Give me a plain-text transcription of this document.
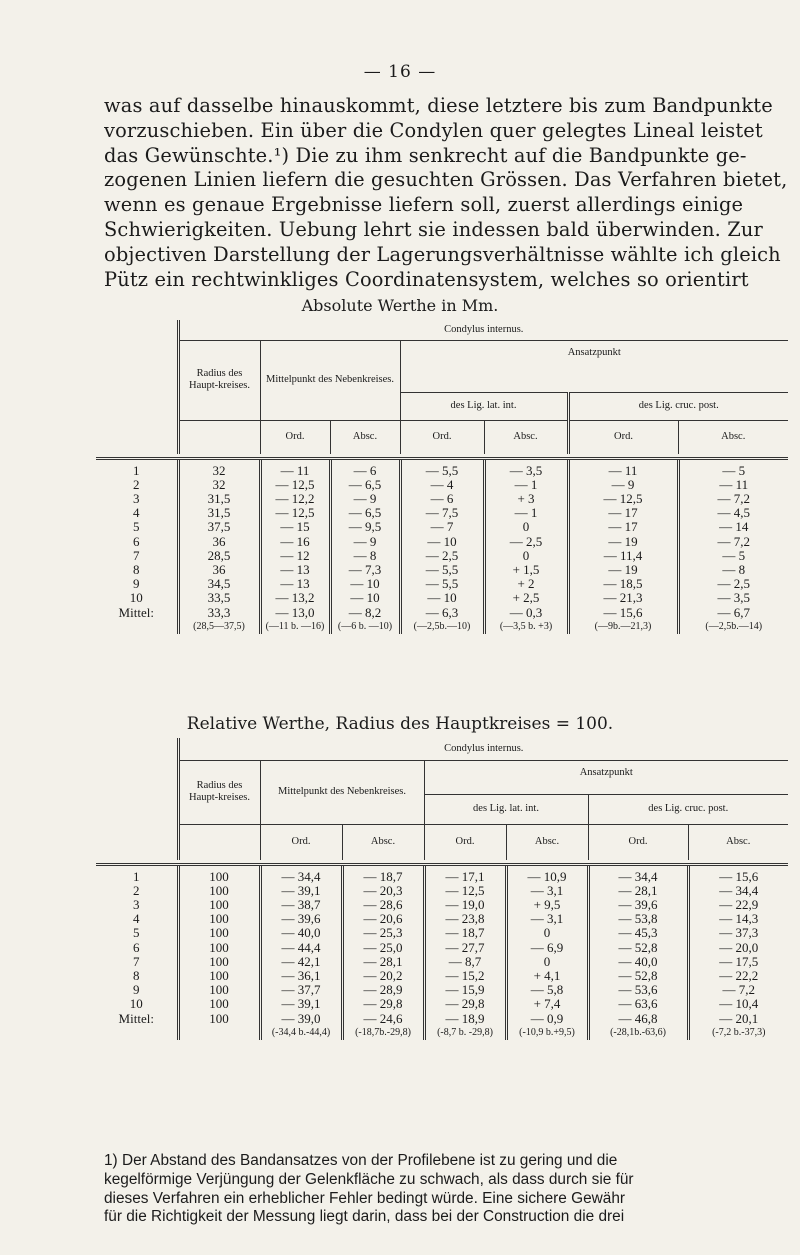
— 16 —
was auf dasselbe hinauskommt, diese letztere bis zum Bandpunkte
vorzuschieben. Ein über die Condylen quer gelegtes Lineal leistet
das Gewünschte.¹) Die zu ihm senkrecht auf die Bandpunkte ge-
zogenen Linien liefern die gesuchten Grössen. Das Verfahren bietet,
wenn es genaue Ergebnisse liefern soll, zuerst allerdings einige
Schwierigkeiten. Uebung lehrt sie indessen bald überwinden. Zur
objectiven Darstellung der Lagerungsverhältnisse wählte ich gleich
Pütz ein rechtwinkliges Coordinatensystem, welches so orientirt
Absolute Werthe in Mm.
	Condylus internus.						
	Radius des Haupt-kreises.	Mittelpunkt des Nebenkreises.		Ansatzpunkt			
				des Lig. lat. int.		des Lig. cruc. post.	
		Ord.	Absc.	Ord.	Absc.	Ord.	Absc.

1	32	— 11	— 6	— 5,5	— 3,5	— 11	— 5
2	32	— 12,5	— 6,5	— 4	— 1	— 9	— 11
3	31,5	— 12,2	— 9	— 6	+ 3	— 12,5	— 7,2
4	31,5	— 12,5	— 6,5	— 7,5	— 1	— 17	— 4,5
5	37,5	— 15	— 9,5	— 7	0	— 17	— 14
6	36	— 16	— 9	— 10	— 2,5	— 19	— 7,2
7	28,5	— 12	— 8	— 2,5	0	— 11,4	— 5
8	36	— 13	— 7,3	— 5,5	+ 1,5	— 19	— 8
9	34,5	— 13	— 10	— 5,5	+ 2	— 18,5	— 2,5
10	33,5	— 13,2	— 10	— 10	+ 2,5	— 21,3	— 3,5
Mittel:	33,3	— 13,0	— 8,2	— 6,3	— 0,3	— 15,6	— 6,7
	(28,5—37,5)	(—11 b. —16)	(—6 b. —10)	(—2,5b.—10)	(—3,5 b. +3)	(—9b.—21,3)	(—2,5b.—14)
Relative Werthe, Radius des Hauptkreises = 100.
	Condylus internus.						
	Radius des Haupt-kreises.	Mittelpunkt des Nebenkreises.		Ansatzpunkt			
				des Lig. lat. int.		des Lig. cruc. post.	
		Ord.	Absc.	Ord.	Absc.	Ord.	Absc.

1	100	— 34,4	— 18,7	— 17,1	— 10,9	— 34,4	— 15,6
2	100	— 39,1	— 20,3	— 12,5	— 3,1	— 28,1	— 34,4
3	100	— 38,7	— 28,6	— 19,0	+ 9,5	— 39,6	— 22,9
4	100	— 39,6	— 20,6	— 23,8	— 3,1	— 53,8	— 14,3
5	100	— 40,0	— 25,3	— 18,7	0	— 45,3	— 37,3
6	100	— 44,4	— 25,0	— 27,7	— 6,9	— 52,8	— 20,0
7	100	— 42,1	— 28,1	— 8,7	0	— 40,0	— 17,5
8	100	— 36,1	— 20,2	— 15,2	+ 4,1	— 52,8	— 22,2
9	100	— 37,7	— 28,9	— 15,9	— 5,8	— 53,6	— 7,2
10	100	— 39,1	— 29,8	— 29,8	+ 7,4	— 63,6	— 10,4
Mittel:	100	— 39,0	— 24,6	— 18,9	— 0,9	— 46,8	— 20,1
		(-34,4 b.-44,4)	(-18,7b.-29,8)	(-8,7 b. -29,8)	(-10,9 b.+9,5)	(-28,1b.-63,6)	(-7,2 b.-37,3)
1) Der Abstand des Bandansatzes von der Profilebene ist zu gering und die
kegelförmige Verjüngung der Gelenkfläche zu schwach, als dass durch sie für
dieses Verfahren ein erheblicher Fehler bedingt würde. Eine sichere Gewähr
für die Richtigkeit der Messung liegt darin, dass bei der Construction die drei
